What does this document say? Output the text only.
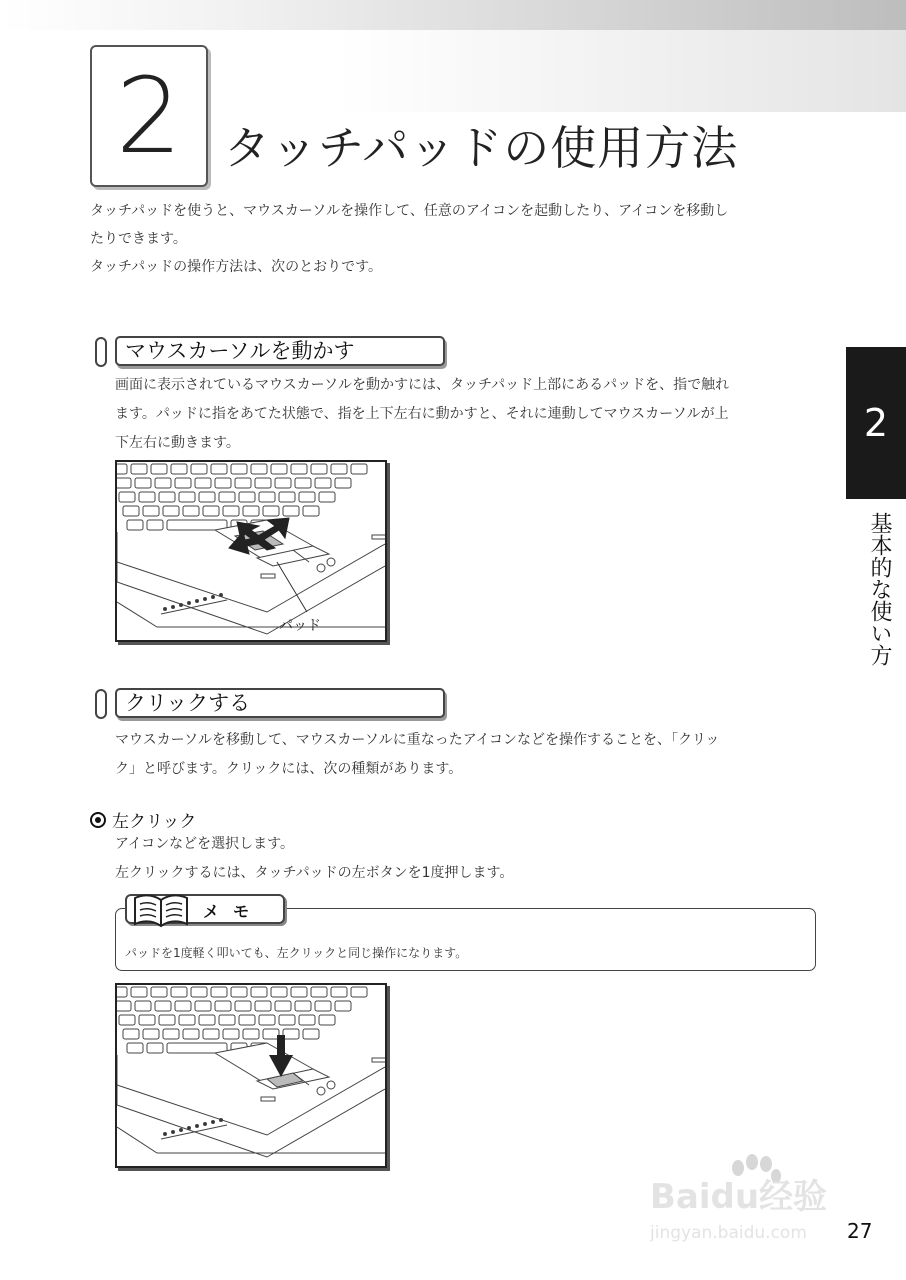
2 タッチパッドの使用方法

タッチパッドを使うと、マウスカーソルを操作して、任意のアイコンを起動したり、アイコンを移動し

たりできます。

タッチパッドの操作方法は、次のとおりです。

マウスカーソルを動かす

画面に表示されているマウスカーソルを動かすには、タッチパッド上部にあるパッドを、指で触れ

ます。パッドに指をあてた状態で、指を上下左右に動かすと、それに連動してマウスカーソルが上

下左右に動きます。

パッド
クリックする

マウスカーソルを移動して、マウスカーソルに重なったアイコンなどを操作することを、「クリッ

ク」と呼びます。クリックには、次の種類があります。

左クリック

アイコンなどを選択します。

左クリックするには、タッチパッドの左ボタンを1度押します。

メモ
パッドを1度軽く叩いても、左クリックと同じ操作になります。
2
基本的な使い方
Baidu经验
jingyan.baidu.com 27
